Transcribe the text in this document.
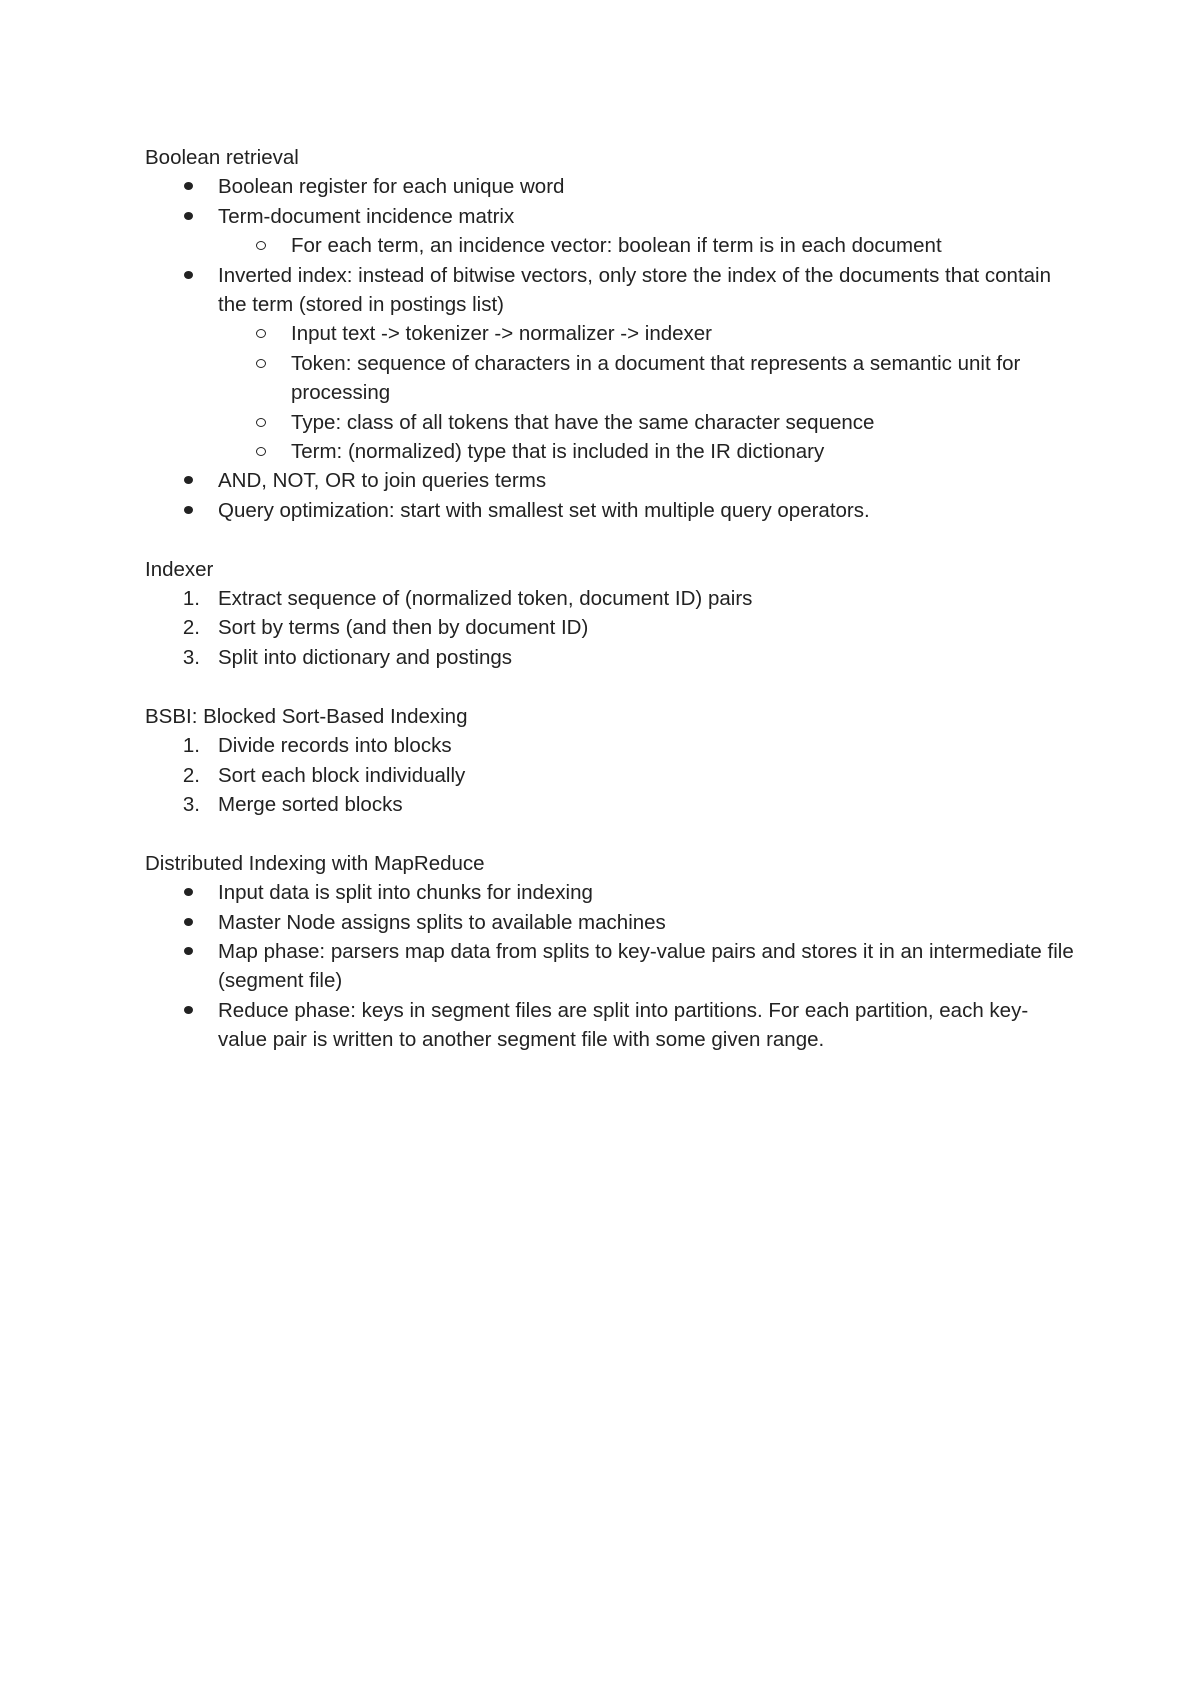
Boolean retrieval

Boolean register for each unique word
Term-document incidence matrix
For each term, an incidence vector: boolean if term is in each document
Inverted index: instead of bitwise vectors, only store the index of the documents that contain the term (stored in postings list)
Input text -> tokenizer -> normalizer -> indexer
Token: sequence of characters in a document that represents a semantic unit for processing
Type: class of all tokens that have the same character sequence
Term: (normalized) type that is included in the IR dictionary
AND, NOT, OR to join queries terms
Query optimization: start with smallest set with multiple query operators.

Indexer

1. Extract sequence of (normalized token, document ID) pairs
2. Sort by terms (and then by document ID)
3. Split into dictionary and postings

BSBI: Blocked Sort-Based Indexing

1. Divide records into blocks
2. Sort each block individually
3. Merge sorted blocks

Distributed Indexing with MapReduce

Input data is split into chunks for indexing
Master Node assigns splits to available machines
Map phase: parsers map data from splits to key-value pairs and stores it in an intermediate file (segment file)
Reduce phase: keys in segment files are split into partitions. For each partition, each key-value pair is written to another segment file with some given range.
